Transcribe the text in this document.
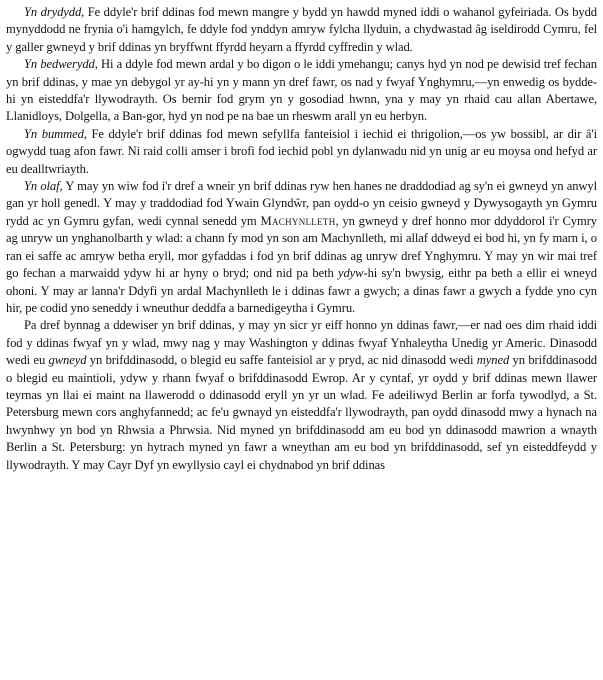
Yn drydydd, Fe ddyle'r brif ddinas fod mewn mangre y bydd yn hawdd myned iddi o wahanol gyfeiriada. Os bydd mynyddodd ne frynia o'i hamgylch, fe ddyle fod ynddyn amryw fylcha llyduin, a chydwastad âg iseldirodd Cymru, fel y galler gwneyd y brif ddinas yn bryffwnt ffyrdd heyarn a ffyrdd cyffredin y wlad.

Yn bedwerydd, Hi a ddyle fod mewn ardal y bo digon o le iddi ymehangu; canys hyd yn nod pe dewisid tref fechan yn brif ddinas, y mae yn debygol yr ay-hi yn y mann yn dref fawr, os nad y fwyaf Ynghymru,—yn enwedig os bydde-hi yn eisteddfa'r llywodrayth. Os bernir fod grym yn y gosodiad hwnn, yna y may yn rhaid cau allan Abertawe, Llanidloys, Dolgella, a Ban-gor, hyd yn nod pe na bae un rheswm arall yn eu herbyn.

Yn bummed, Fe ddyle'r brif ddinas fod mewn sefyllfa fanteisiol i iechid ei thrigolion,—os yw bossibl, ar dir â'i ogwydd tuag afon fawr. Ni raid colli amser i brofi fod iechid pobl yn dylanwadu nid yn unig ar eu moysa ond hefyd ar eu dealltwriayth.

Yn olaf, Y may yn wiw fod i'r dref a wneir yn brif ddinas ryw hen hanes ne draddodiad ag sy'n ei gwneyd yn anwyl gan yr holl genedl. Y may y traddodiad fod Ywain Glyndŵr, pan oydd-o yn ceisio gwneyd y Dywysogayth yn Gymru rydd ac yn Gymru gyfan, wedi cynnal senedd ym Machynlleth, yn gwneyd y dref honno mor ddyddorol i'r Cymry ag unryw un ynghanolbarth y wlad: a chann fy mod yn son am Machynlleth, mi allaf ddweyd ei bod hi, yn fy marn i, o ran ei saffe ac amryw betha eryll, mor gyfaddas i fod yn brif ddinas ag unryw dref Ynghymru. Y may yn wir mai tref go fechan a marwaidd ydyw hi ar hyny o bryd; ond nid pa beth ydyw-hi sy'n bwysig, eithr pa beth a ellir ei wneyd ohoni. Y may ar lanna'r Ddyfi yn ardal Machynlleth le i ddinas fawr a gwych; a dinas fawr a gwych a fydde yno cyn hir, pe codid yno seneddy i wneuthur deddfa a barnedigeytha i Gymru.

Pa dref bynnag a ddewiser yn brif ddinas, y may yn sicr yr eiff honno yn ddinas fawr,—er nad oes dim rhaid iddi fod y ddinas fwyaf yn y wlad, mwy nag y may Washington y ddinas fwyaf Ynhaleytha Unedig yr Americ. Dinasodd wedi eu gwneyd yn brifddinasodd, o blegid eu saffe fanteisiol ar y pryd, ac nid dinasodd wedi myned yn brifddinasodd o blegid eu maintioli, ydyw y rhann fwyaf o brifddinasodd Ewrop. Ar y cyntaf, yr oydd y brif ddinas mewn llawer teyrnas yn llai ei maint na llawerodd o ddinasodd eryll yn yr un wlad. Fe adeiliwyd Berlin ar forfa tywodlyd, a St. Petersburg mewn cors anghyfannedd; ac fe'u gwnayd yn eisteddfa'r llywodrayth, pan oydd dinasodd mwy a hynach na hwynhwy yn bod yn Rhwsia a Phrwsia. Nid myned yn brifddinasodd am eu bod yn ddinasodd mawrion a wnayth Berlin a St. Petersburg: yn hytrach myned yn fawr a wneythan am eu bod yn brifddinasodd, sef yn eisteddfeydd y llywodrayth. Y may Cayr Dyf yn ewyllysio cayl ei chydnabod yn brif ddinas
